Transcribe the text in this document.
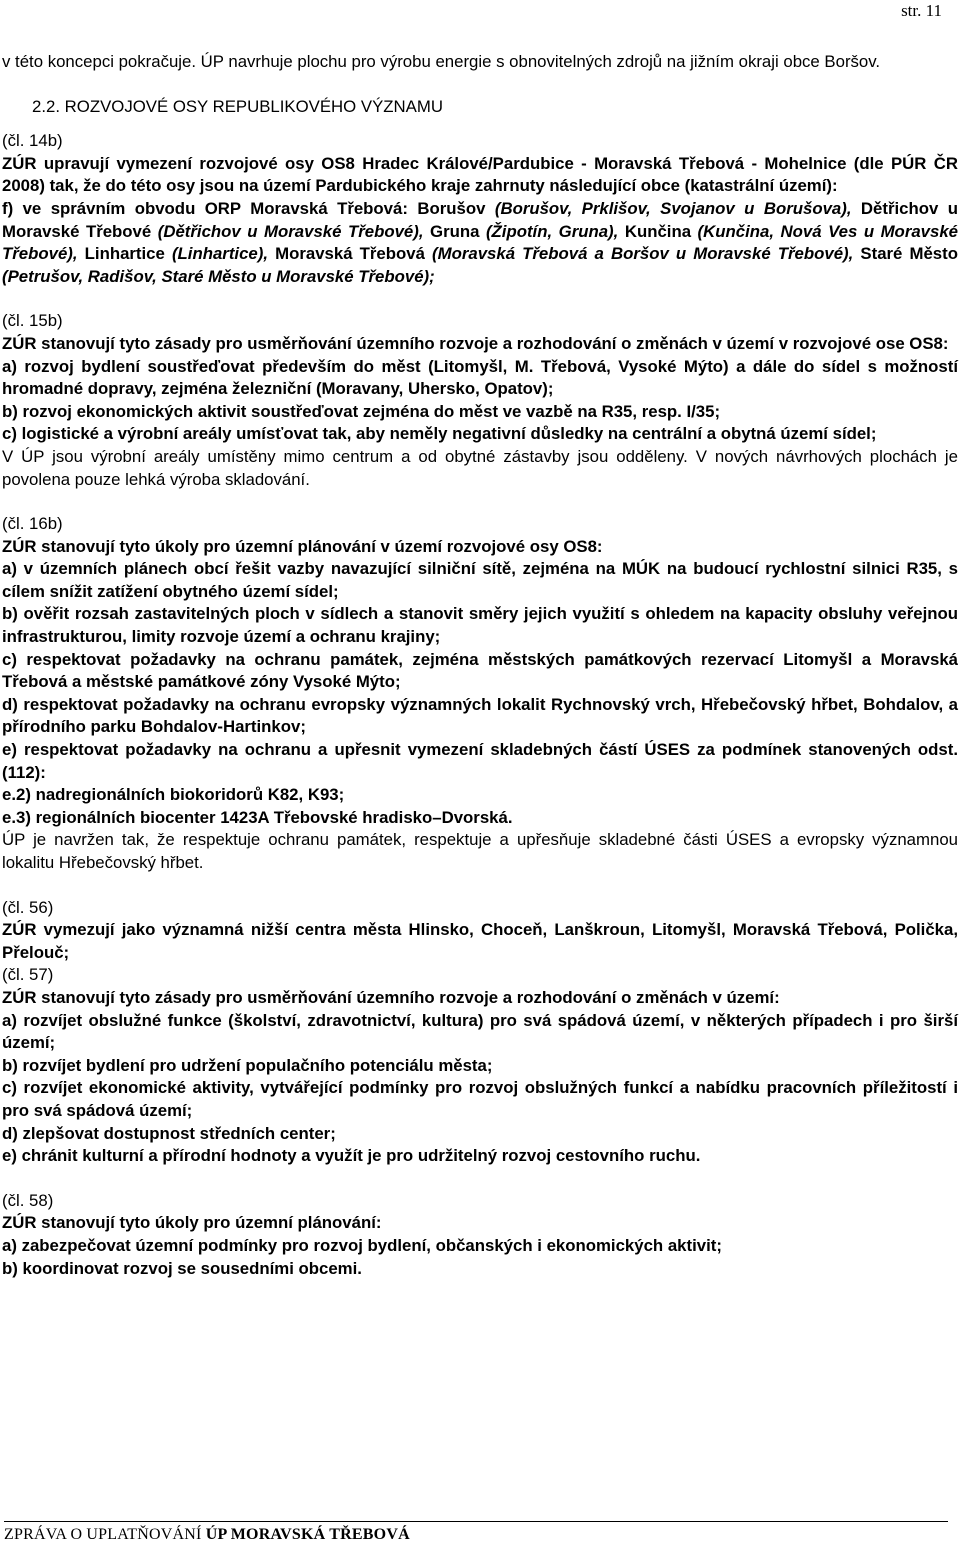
str. 11

v této koncepci pokračuje. ÚP navrhuje plochu pro výrobu energie s obnovitelných zdrojů na jižním okraji obce Boršov.

2.2. ROZVOJOVÉ OSY REPUBLIKOVÉHO VÝZNAMU

(čl. 14b)

ZÚR upravují vymezení rozvojové osy OS8 Hradec Králové/Pardubice - Moravská Třebová - Mohelnice (dle PÚR ČR 2008) tak, že do této osy jsou na území Pardubického kraje zahrnuty následující obce (katastrální území):

f) ve správním obvodu ORP Moravská Třebová: Borušov (Borušov, Prklišov, Svojanov u Borušova), Dětřichov u Moravské Třebové (Dětřichov u Moravské Třebové), Gruna (Žipotín, Gruna), Kunčina (Kunčina, Nová Ves u Moravské Třebové), Linhartice (Linhartice), Moravská Třebová (Moravská Třebová a Boršov u Moravské Třebové), Staré Město (Petrušov, Radišov, Staré Město u Moravské Třebové);

(čl. 15b)

ZÚR stanovují tyto zásady pro usměrňování územního rozvoje a rozhodování o změnách v území v rozvojové ose OS8:

a) rozvoj bydlení soustřeďovat především do měst (Litomyšl, M. Třebová, Vysoké Mýto) a dále do sídel s možností hromadné dopravy, zejména železniční (Moravany, Uhersko, Opatov);

b) rozvoj ekonomických aktivit soustřeďovat zejména do měst ve vazbě na R35, resp. I/35;

c) logistické a výrobní areály umísťovat tak, aby neměly negativní důsledky na centrální a obytná území sídel;

V ÚP jsou výrobní areály umístěny mimo centrum a od obytné zástavby jsou odděleny. V nových návrhových plochách je povolena pouze lehká výroba skladování.

(čl. 16b)

ZÚR stanovují tyto úkoly pro územní plánování v území rozvojové osy OS8:

a) v územních plánech obcí řešit vazby navazující silniční sítě, zejména na MÚK na budoucí rychlostní silnici R35, s cílem snížit zatížení obytného území sídel;

b) ověřit rozsah zastavitelných ploch v sídlech a stanovit směry jejich využití s ohledem na kapacity obsluhy veřejnou infrastrukturou, limity rozvoje území a ochranu krajiny;

c) respektovat požadavky na ochranu památek, zejména městských památkových rezervací Litomyšl a Moravská Třebová a městské památkové zóny Vysoké Mýto;

d) respektovat požadavky na ochranu evropsky významných lokalit Rychnovský vrch, Hřebečovský hřbet, Bohdalov, a přírodního parku Bohdalov-Hartinkov;

e) respektovat požadavky na ochranu a upřesnit vymezení skladebných částí ÚSES za podmínek stanovených odst. (112):

e.2) nadregionálních biokoridorů K82, K93;

e.3) regionálních biocenter 1423A Třebovské hradisko–Dvorská.

ÚP je navržen tak, že respektuje ochranu památek, respektuje a upřesňuje skladebné části ÚSES a evropsky významnou lokalitu Hřebečovský hřbet.

(čl. 56)

ZÚR vymezují jako významná nižší centra města Hlinsko, Choceň, Lanškroun, Litomyšl, Moravská Třebová, Polička, Přelouč;

(čl. 57)

ZÚR stanovují tyto zásady pro usměrňování územního rozvoje a rozhodování o změnách v území:

a) rozvíjet obslužné funkce (školství, zdravotnictví, kultura) pro svá spádová území, v některých případech i pro širší území;

b) rozvíjet bydlení pro udržení populačního potenciálu města;

c) rozvíjet ekonomické aktivity, vytvářející podmínky pro rozvoj obslužných funkcí a nabídku pracovních příležitostí i pro svá spádová území;

d) zlepšovat dostupnost středních center;

e) chránit kulturní a přírodní hodnoty a využít je pro udržitelný rozvoj cestovního ruchu.

(čl. 58)

ZÚR stanovují tyto úkoly pro územní plánování:

a) zabezpečovat územní podmínky pro rozvoj bydlení, občanských i ekonomických aktivit;

b) koordinovat rozvoj se sousedními obcemi.

ZPRÁVA O UPLATŇOVÁNÍ ÚP MORAVSKÁ TŘEBOVÁ
